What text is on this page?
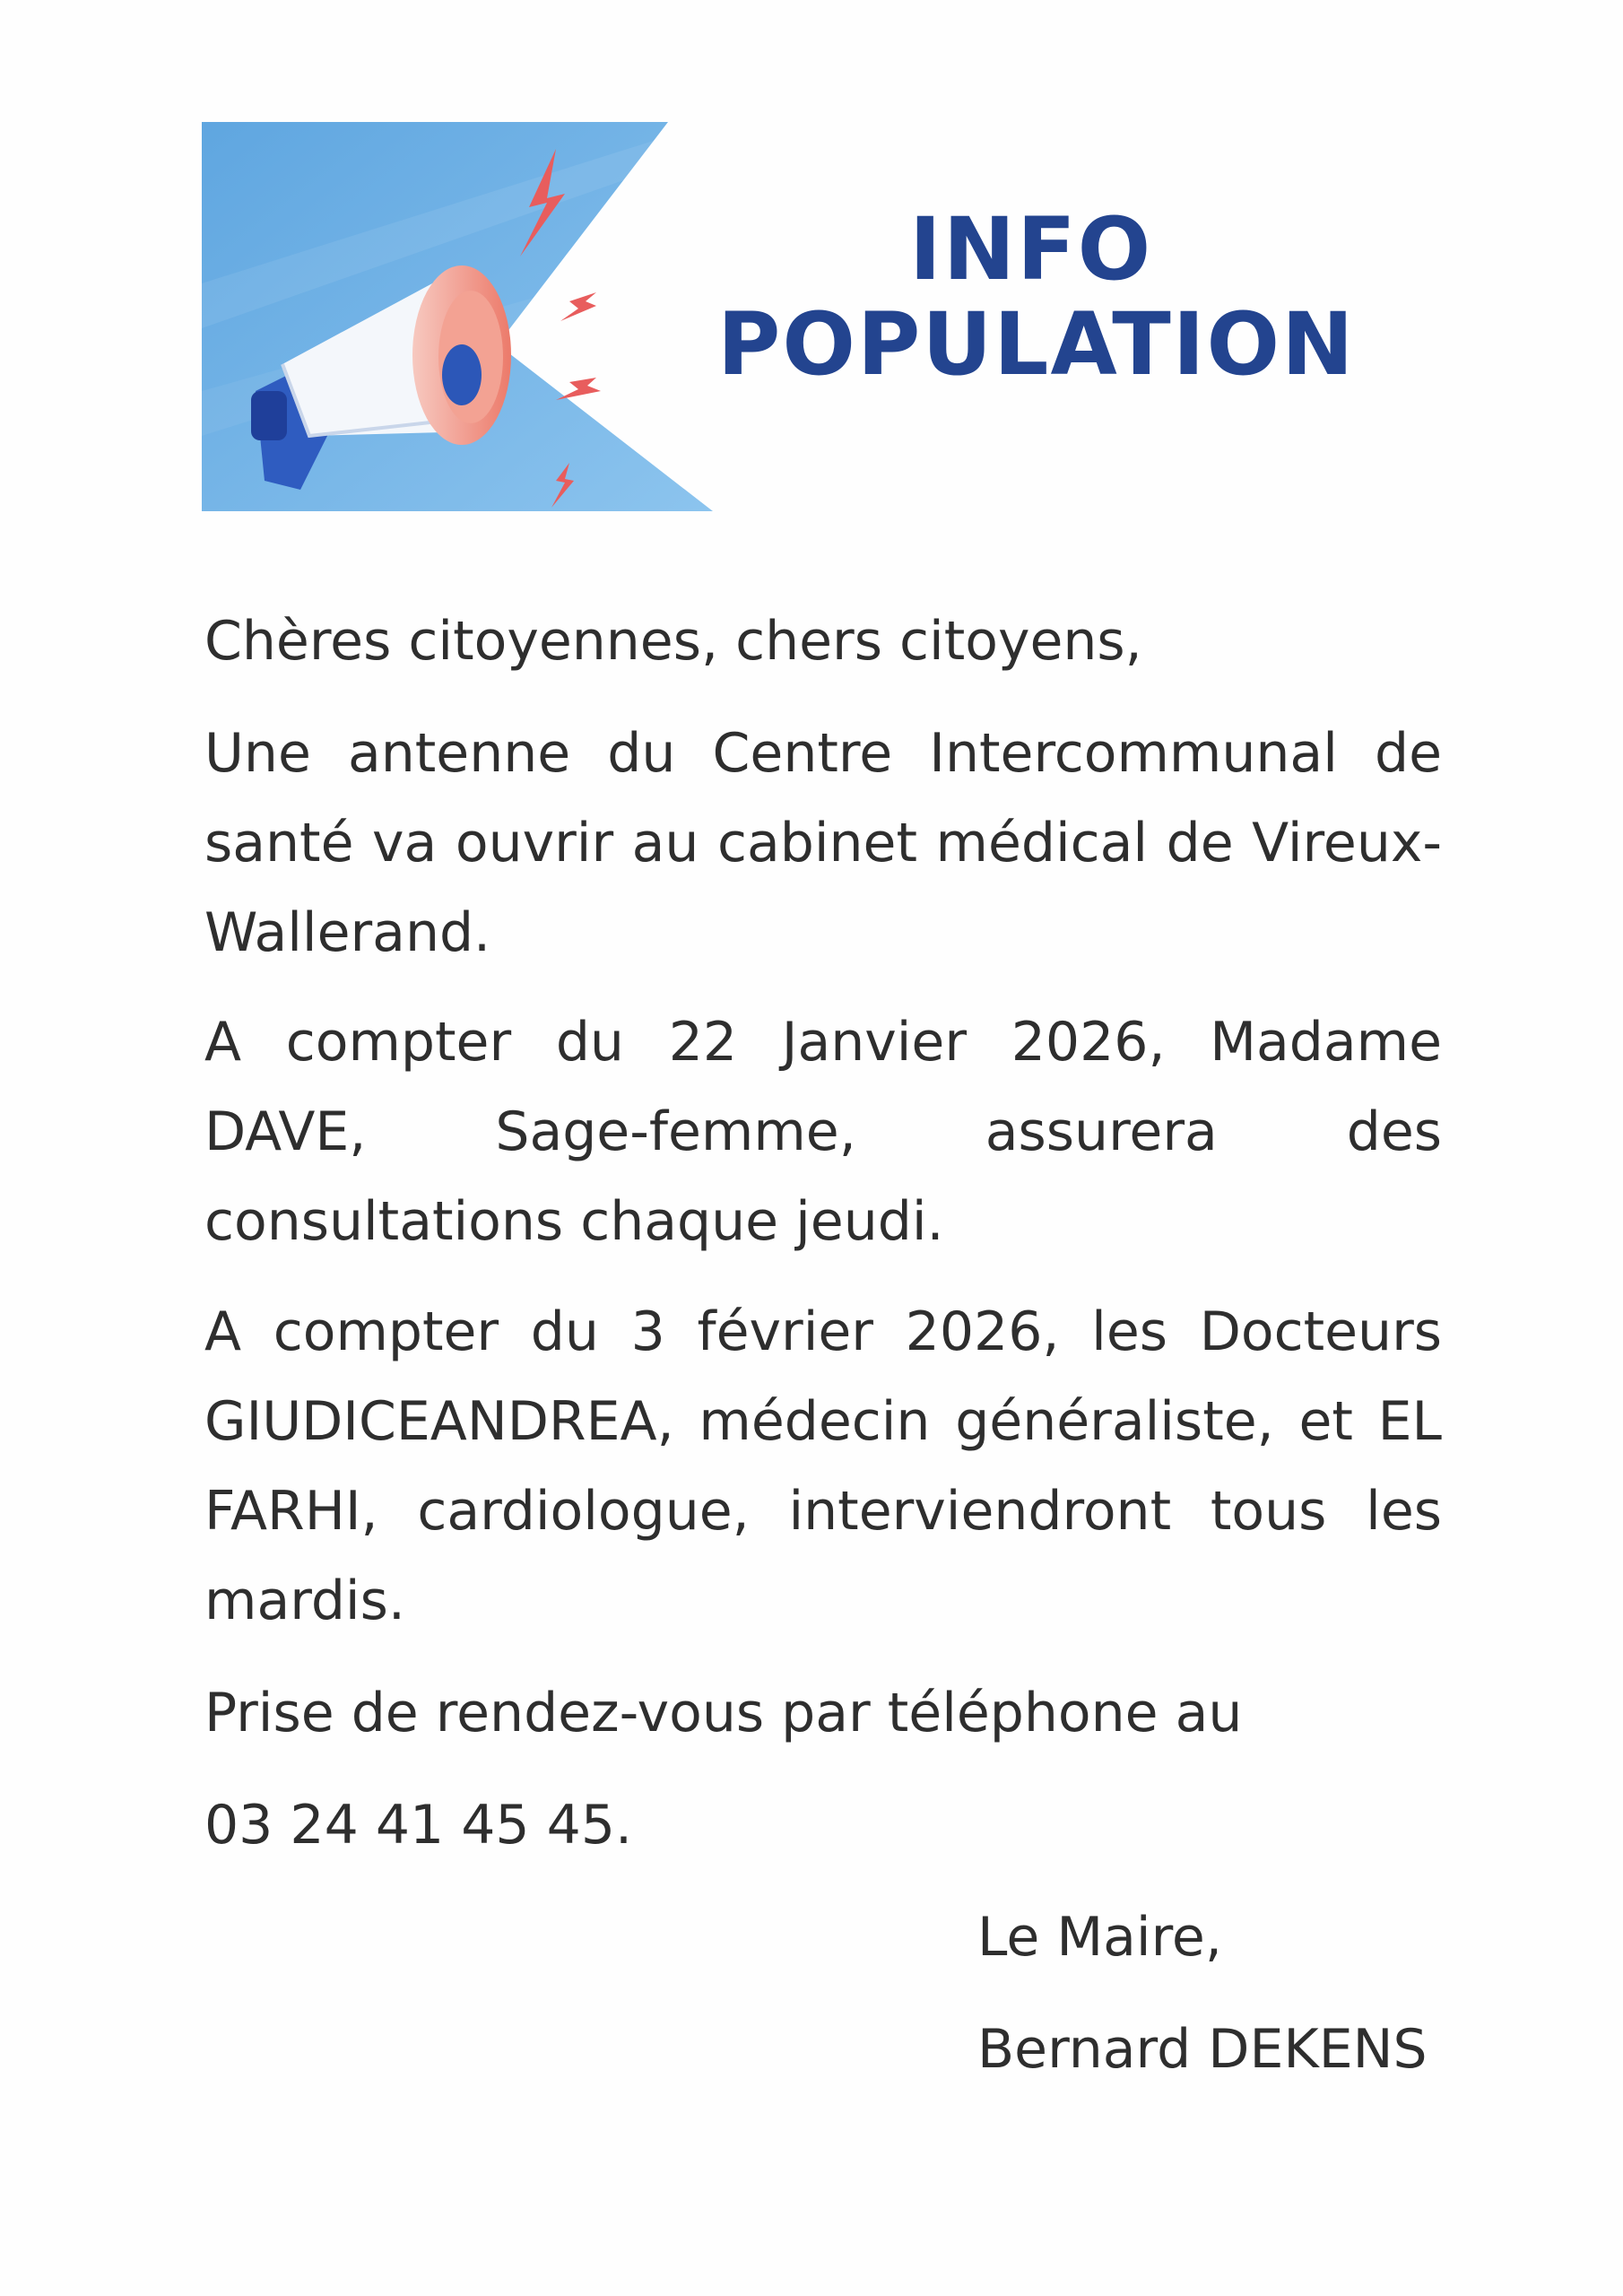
INFO
POPULATION
Chères citoyennes, chers citoyens,
Une antenne du Centre Intercommunal de santé va ouvrir au cabinet médical de Vireux-Wallerand.
A compter du 22 Janvier 2026, Madame DAVE, Sage-femme, assurera des consultations chaque jeudi.
A compter du 3 février 2026, les Docteurs GIUDICEANDREA, médecin généraliste, et EL FARHI, cardiologue, interviendront tous les mardis.
Prise de rendez-vous par téléphone au
03 24 41 45 45.
Le Maire,
Bernard DEKENS
